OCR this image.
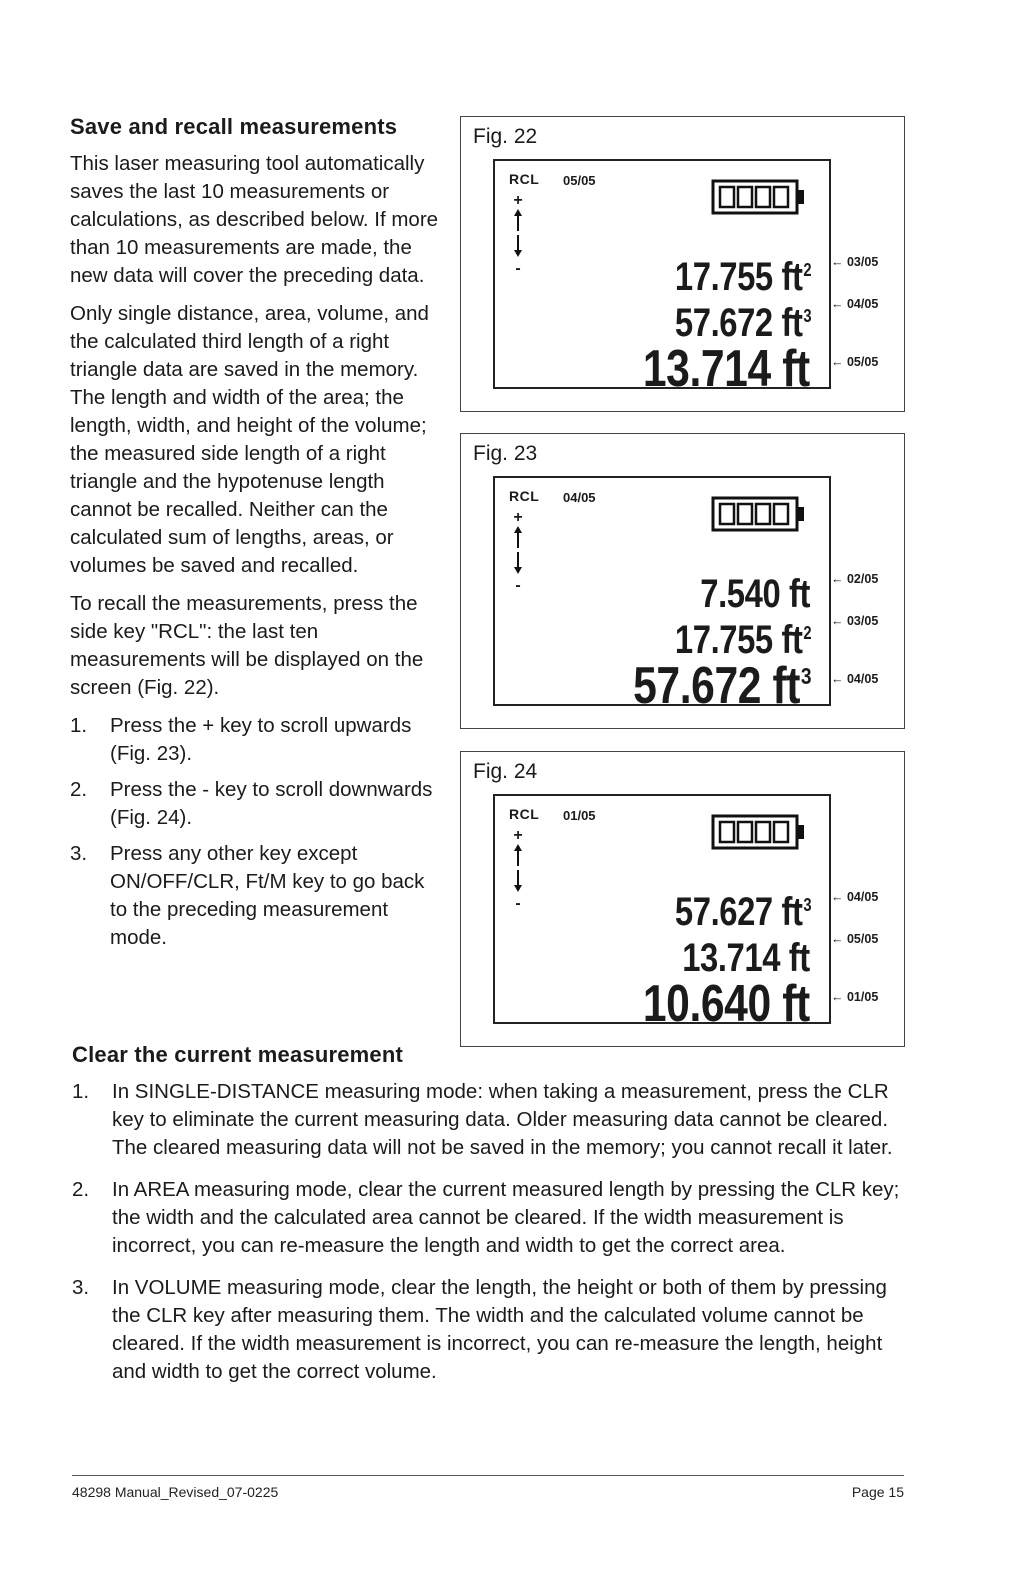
Save and recall measurements

This laser measuring tool automatically saves the last 10 measurements or calculations, as described below. If more than 10 measurements are made, the new data will cover the preceding data.

Only single distance, area, volume, and the calculated third length of a right triangle data are saved in the memory. The length and width of the area; the length, width, and height of the volume; the measured side length of a right triangle and the hypotenuse length cannot be recalled. Neither can the calculated sum of lengths, areas, or volumes be saved and recalled.

To recall the measurements, press the side key "RCL": the last ten measurements will be displayed on the screen (Fig. 22).

1. Press the + key to scroll upwards (Fig. 23).
2. Press the - key to scroll downwards (Fig. 24).
3. Press any other key except ON/OFF/CLR, Ft/M key to go back to the preceding measurement mode.
Fig. 22
RCL 05/05
+

-	17.755 $ft^2$
57.672 $ft^3$
13.714 ft
← 03/05
← 04/05
← 05/05
Fig. 23
RCL 04/05
+

-	7.540 ft
17.755 $ft^2$
57.672 $ft^3$
← 02/05
← 03/05
← 04/05
Fig. 24
RCL 01/05
+

-	57.627 $ft^3$
13.714 ft
10.640 ft
← 04/05
← 05/05
← 01/05
Clear the current measurement
1. In SINGLE-DISTANCE measuring mode: when taking a measurement, press the CLR key to eliminate the current measuring data. Older measuring data cannot be cleared. The cleared measuring data will not be saved in the memory; you cannot recall it later.
2. In AREA measuring mode, clear the current measured length by pressing the CLR key; the width and the calculated area cannot be cleared. If the width measurement is incorrect, you can re-measure the length and width to get the correct area.
3. In VOLUME measuring mode, clear the length, the height or both of them by pressing the CLR key after measuring them. The width and the calculated volume cannot be cleared. If the width measurement is incorrect, you can re-measure the length, height and width to get the correct volume.
48298 Manual_Revised_07-0225	Page 15
